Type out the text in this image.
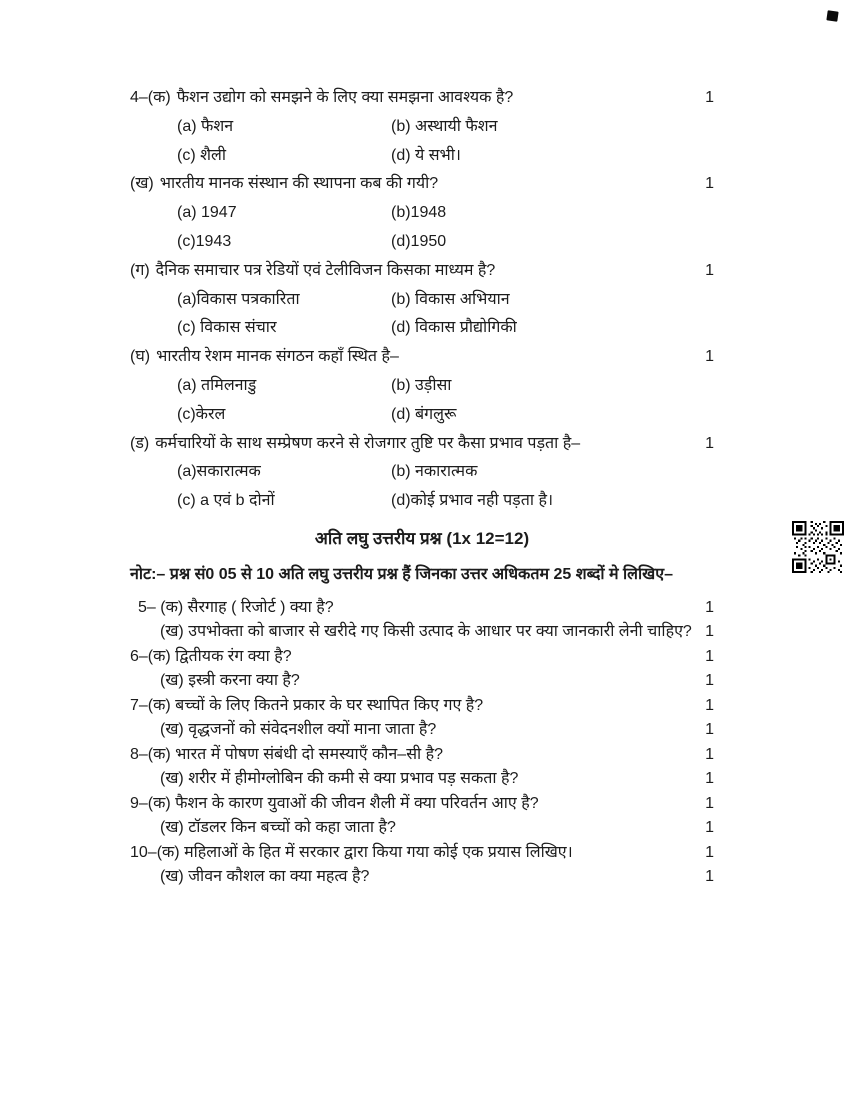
4–(क) फैशन उद्योग को समझने के लिए क्या समझना आवश्यक है?	1
(a) फैशन	(b) अस्थायी फैशन
(c) शैली	(d) ये सभी।
(ख) भारतीय मानक संस्थान की स्थापना कब की गयी?	1
(a) 1947	(b)1948
(c)1943	(d)1950
(ग) दैनिक समाचार पत्र रेडियों एवं टेलीविजन किसका माध्यम है?	1
(a)विकास पत्रकारिता	(b) विकास अभियान
(c) विकास संचार	(d) विकास प्रौद्योगिकी
(घ) भारतीय रेशम मानक संगठन कहाँ स्थित है–	1
(a) तमिलनाडु	(b) उड़ीसा
(c)केरल	(d) बंगलुरू
(ड) कर्मचारियों के साथ सम्प्रेषण करने से रोजगार तुष्टि पर कैसा प्रभाव पड़ता है–	1
(a)सकारात्मक	(b) नकारात्मक
(c) a एवं b दोनों	(d)कोई प्रभाव नही पड़ता है।
अति लघु उत्तरीय प्रश्न (1x 12=12)
नोट:– प्रश्न सं0 05 से 10 अति लघु उत्तरीय प्रश्न हैं जिनका उत्तर अधिकतम 25 शब्दों मे लिखिए–
5– (क) सैरगाह ( रिजोर्ट ) क्या है?	1
(ख) उपभोक्ता को बाजार से खरीदे गए किसी उत्पाद के आधार पर क्या जानकारी लेनी चाहिए? 1
6–(क) द्वितीयक रंग क्या है?	1
(ख) इस्त्री करना क्या है?	1
7–(क) बच्चों के लिए कितने प्रकार के घर स्थापित किए गए है?	1
(ख) वृद्धजनों को संवेदनशील क्यों माना जाता है?	1
8–(क) भारत में पोषण संबंधी दो समस्याएँ कौन–सी है?	1
(ख) शरीर में हीमोग्लोबिन की कमी से क्या प्रभाव पड़ सकता है?	1
9–(क) फैशन के कारण युवाओं की जीवन शैली में क्या परिवर्तन आए है?	1
(ख) टॉडलर किन बच्चों को कहा जाता है?	1
10–(क) महिलाओं के हित में सरकार द्वारा किया गया कोई एक प्रयास लिखिए।	1
(ख) जीवन कौशल का क्या महत्व है?	1
